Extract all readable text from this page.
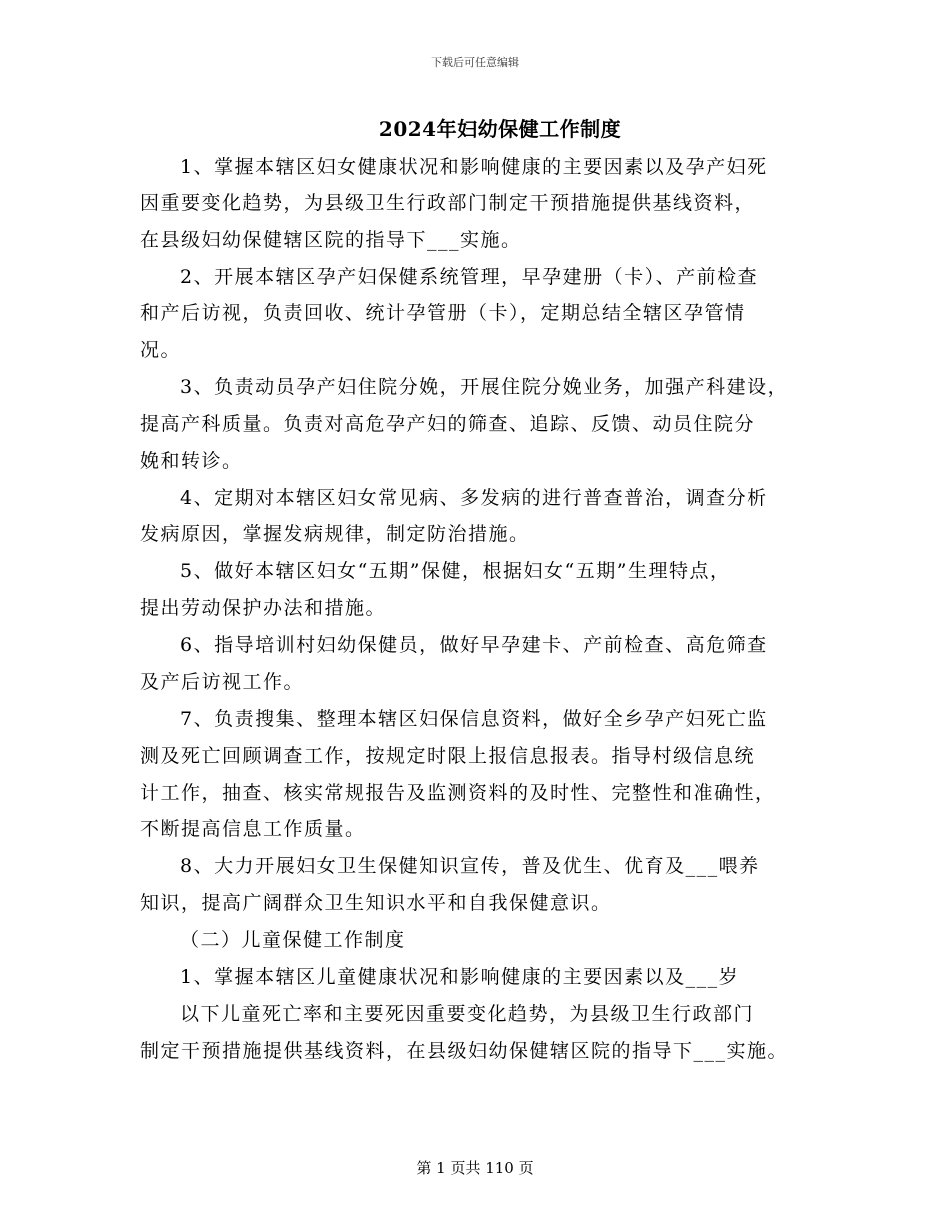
下载后可任意编辑
2024年妇幼保健工作制度
1、掌握本辖区妇女健康状况和影响健康的主要因素以及孕产妇死
因重要变化趋势，为县级卫生行政部门制定干预措施提供基线资料，
在县级妇幼保健辖区院的指导下___实施。
2、开展本辖区孕产妇保健系统管理，早孕建册（卡）、产前检查
和产后访视，负责回收、统计孕管册（卡），定期总结全辖区孕管情
况。
3、负责动员孕产妇住院分娩，开展住院分娩业务，加强产科建设，
提高产科质量。负责对高危孕产妇的筛查、追踪、反馈、动员住院分
娩和转诊。
4、定期对本辖区妇女常见病、多发病的进行普查普治，调查分析
发病原因，掌握发病规律，制定防治措施。
5、做好本辖区妇女“五期”保健，根据妇女“五期”生理特点，
提出劳动保护办法和措施。
6、指导培训村妇幼保健员，做好早孕建卡、产前检查、高危筛查
及产后访视工作。
7、负责搜集、整理本辖区妇保信息资料，做好全乡孕产妇死亡监
测及死亡回顾调查工作，按规定时限上报信息报表。指导村级信息统
计工作，抽查、核实常规报告及监测资料的及时性、完整性和准确性，
不断提高信息工作质量。
8、大力开展妇女卫生保健知识宣传，普及优生、优育及___喂养
知识，提高广阔群众卫生知识水平和自我保健意识。
（二）儿童保健工作制度
1、掌握本辖区儿童健康状况和影响健康的主要因素以及___岁
以下儿童死亡率和主要死因重要变化趋势，为县级卫生行政部门
制定干预措施提供基线资料，在县级妇幼保健辖区院的指导下___实施。
第 1 页共 110 页
